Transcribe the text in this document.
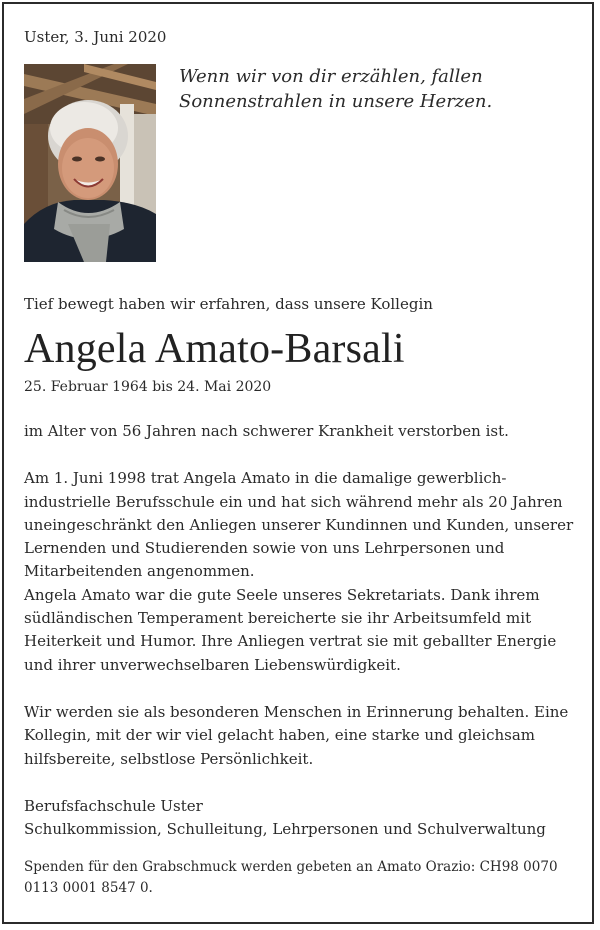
Uster, 3. Juni 2020

Wenn wir von dir erzählen, fallen
Sonnenstrahlen in unsere Herzen.

Tief bewegt haben wir erfahren, dass unsere Kollegin

Angela Amato-Barsali

25. Februar 1964 bis 24. Mai 2020

im Alter von 56 Jahren nach schwerer Krankheit verstorben ist.

Am 1. Juni 1998 trat Angela Amato in die damalige gewerblich-industrielle Berufsschule ein und hat sich während mehr als 20 Jahren uneingeschränkt den Anliegen unserer Kundinnen und Kunden, unserer Lernenden und Studierenden sowie von uns Lehrpersonen und Mitarbeitenden angenommen.

Angela Amato war die gute Seele unseres Sekretariats. Dank ihrem südländischen Temperament bereicherte sie ihr Arbeitsumfeld mit Heiterkeit und Humor. Ihre Anliegen vertrat sie mit geballter Energie und ihrer unverwechselbaren Liebenswürdigkeit.

Wir werden sie als besonderen Menschen in Erinnerung behalten. Eine Kollegin, mit der wir viel gelacht haben, eine starke und gleichsam hilfsbereite, selbstlose Persönlichkeit.

Berufsfachschule Uster

Schulkommission, Schulleitung, Lehrpersonen und Schulverwaltung

Spenden für den Grabschmuck werden gebeten an Amato Orazio: CH98 0070 0113 0001 8547 0.
